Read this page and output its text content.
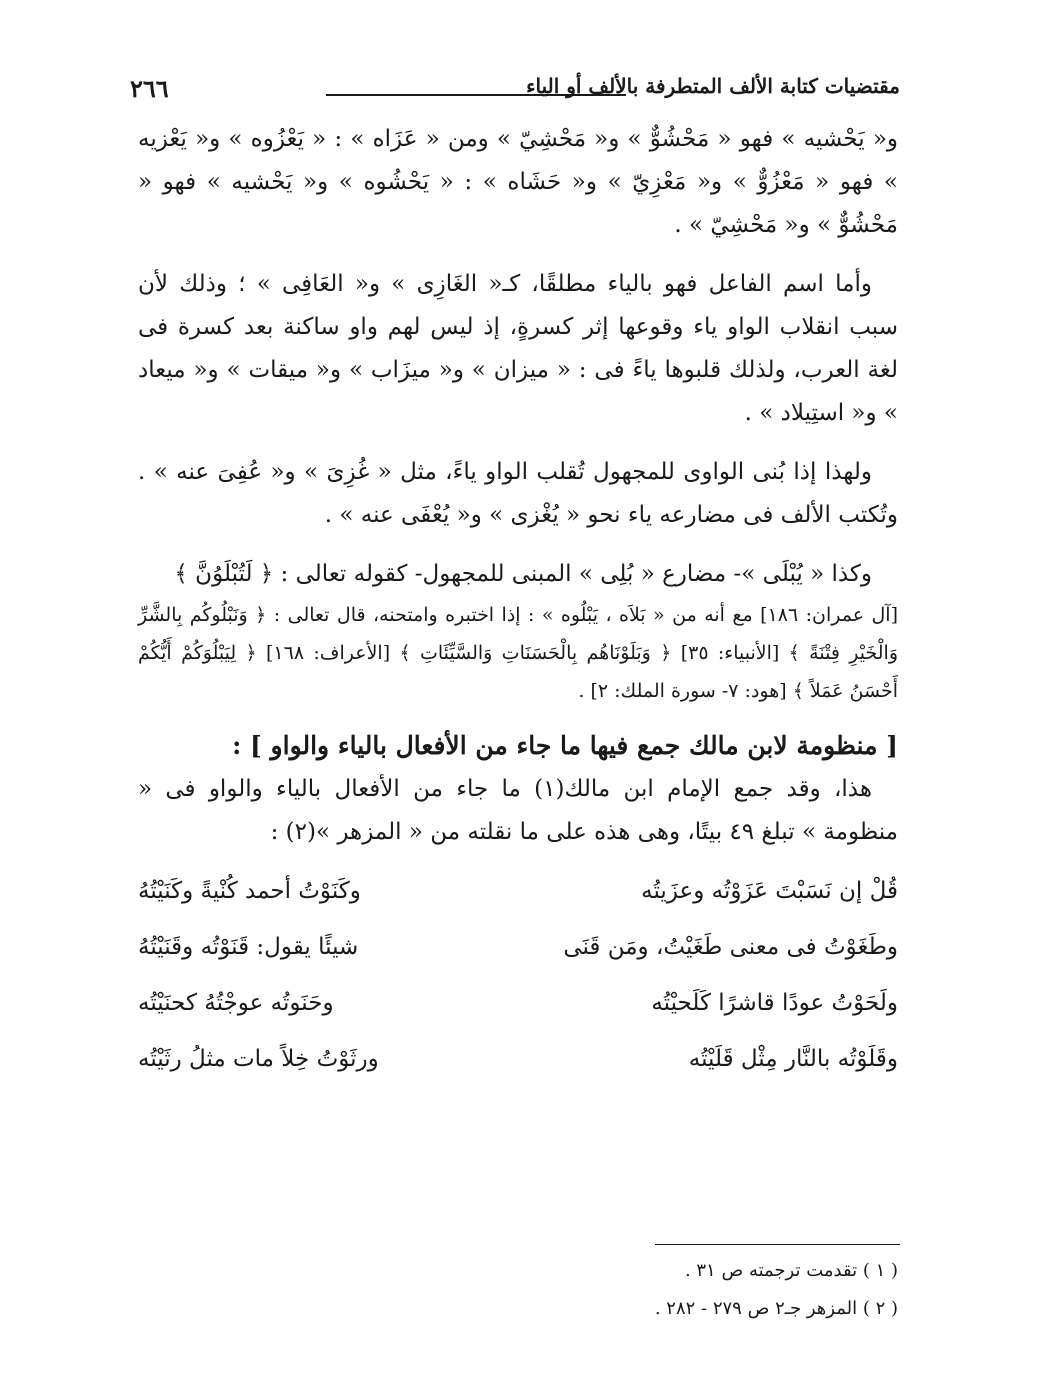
٢٦٦	مقتضيات كتابة الألف المتطرفة بالألف أو الياء

و« يَحْشيه » فهو « مَحْشُوٌّ » و« مَحْشِيّ » ومن « عَزَاه » : « يَعْزُوه » و« يَعْزيه » فهو « مَعْزُوٌّ » و« مَعْزِيّ » و« حَشَاه » : « يَحْشُوه » و« يَحْشيه » فهو « مَحْشُوٌّ » و« مَحْشِيّ » .

وأما اسم الفاعل فهو بالياء مطلقًا، كـ« الغَازِى » و« العَافِى » ؛ وذلك لأن سبب انقلاب الواو ياء وقوعها إثر كسرةٍ، إذ ليس لهم واو ساكنة بعد كسرة فى لغة العرب، ولذلك قلبوها ياءً فى : « ميزان » و« ميزَاب » و« ميقات » و« ميعاد » و« استِيلاد » .

ولهذا إذا بُنى الواوى للمجهول تُقلب الواو ياءً، مثل « غُزِىَ » و« عُفِىَ عنه » . وتُكتب الألف فى مضارعه ياء نحو « يُغْزى » و« يُعْفَى عنه » .

وكذا « يُبْلَى »- مضارع « بُلِى » المبنى للمجهول- كقوله تعالى : ﴿ لَتُبْلَوُنَّ ﴾

[آل عمران: ١٨٦] مع أنه من « بَلاَه ، يَبْلُوه » : إذا اختبره وامتحنه، قال تعالى : ﴿ وَنَبْلُوكُم بِالشَّرِّ وَالْخَيْرِ فِتْنَةً ﴾ [الأنبياء: ٣٥] ﴿ وَبَلَوْنَاهُم بِالْحَسَنَاتِ وَالسَّيِّئَاتِ ﴾ [الأعراف: ١٦٨] ﴿ لِيَبْلُوَكُمْ أَيُّكُمْ أَحْسَنُ عَمَلاً ﴾ [هود: ٧- سورة الملك: ٢] .

[ منظومة لابن مالك جمع فيها ما جاء من الأفعال بالياء والواو ] :

هذا، وقد جمع الإمام ابن مالك(١) ما جاء من الأفعال بالياء والواو فى « منظومة » تبلغ ٤٩ بيتًا، وهى هذه على ما نقلته من « المزهر »(٢) :

قُلْ إن نَسَبْتَ عَزَوْتُه وعزَيتُه
وكَنَوْتُ أحمد كُنْيةً وكَنَيْتُهُ
وطَغَوْتُ فى معنى طَغَيْتُ، ومَن قَنَى
شيئًا يقول: قَنَوْتُه وقَنَيْتُهُ
ولَحَوْتُ عودًا قاشرًا كَلَحيْتُه
وحَنَوتُه عوجْتُهُ كحنَيْتُه
وقَلَوْتُه بالنَّار مِثْل قَلَيْتُه
ورثَوْتُ خِلاً مات مثلُ رثَيْتُه
( ١ ) تقدمت ترجمته ص ٣١ .
( ٢ ) المزهر جـ٢ ص ٢٧٩ - ٢٨٢ .
